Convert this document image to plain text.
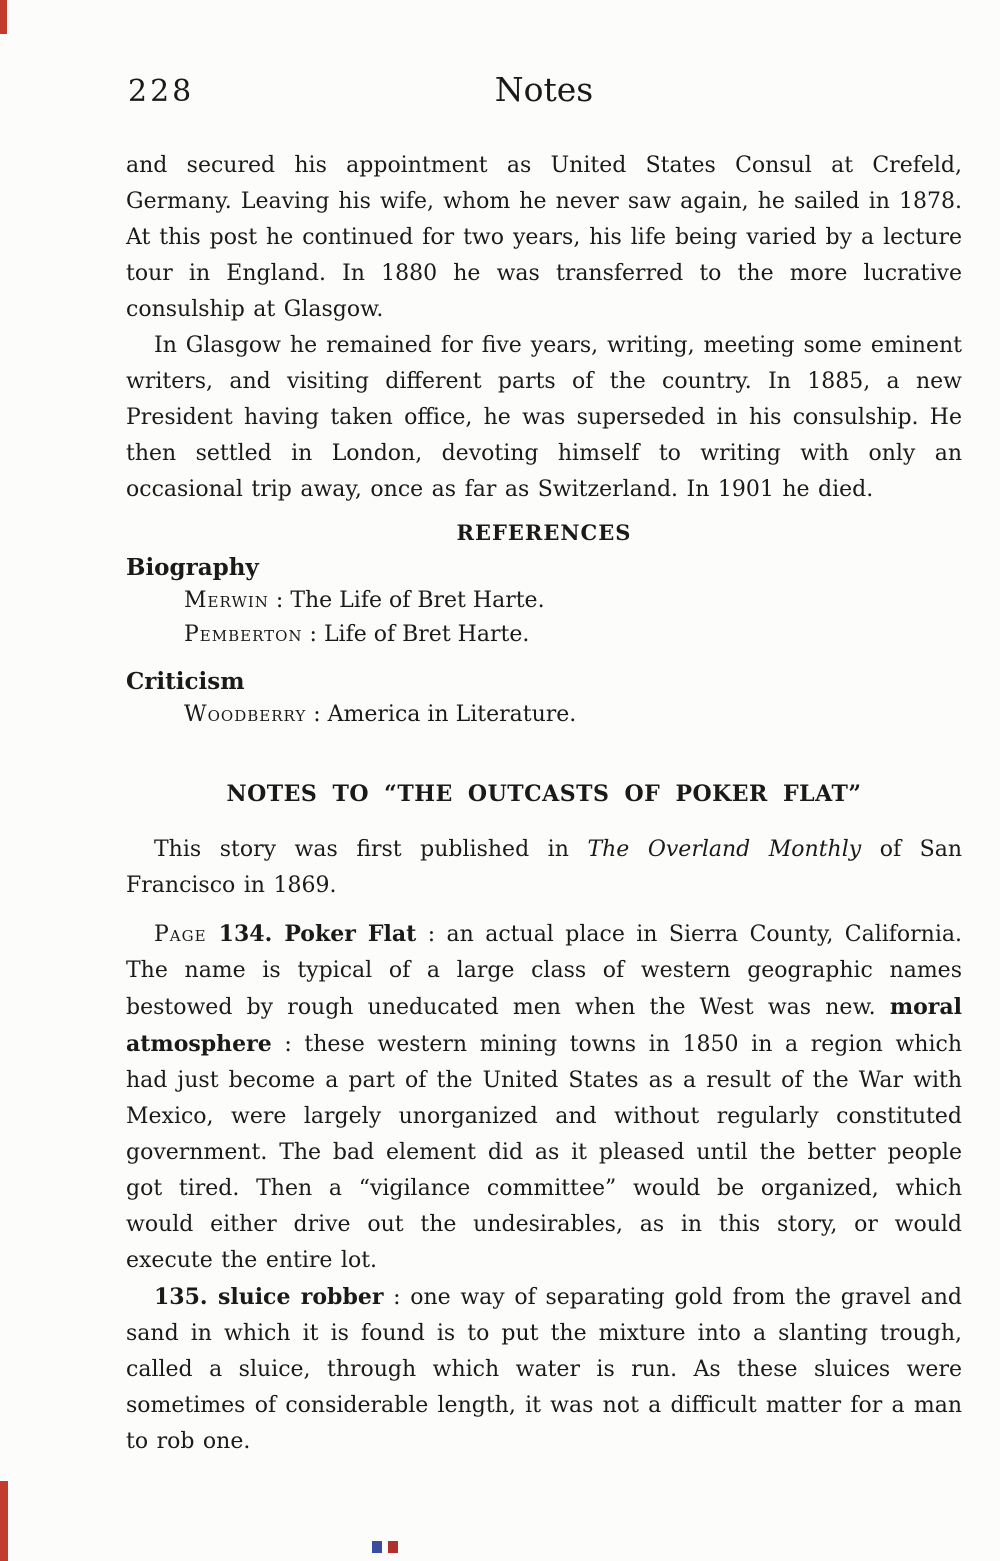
228	Notes

and secured his appointment as United States Consul at Crefeld, Germany. Leaving his wife, whom he never saw again, he sailed in 1878. At this post he continued for two years, his life being varied by a lecture tour in England. In 1880 he was transferred to the more lucrative consulship at Glasgow.

In Glasgow he remained for five years, writing, meeting some eminent writers, and visiting different parts of the country. In 1885, a new President having taken office, he was superseded in his consulship. He then settled in London, devoting himself to writing with only an occasional trip away, once as far as Switzerland. In 1901 he died.

REFERENCES
Biography

Merwin : The Life of Bret Harte.

Pemberton : Life of Bret Harte.

Criticism

Woodberry : America in Literature.

NOTES TO “THE OUTCASTS OF POKER FLAT”

This story was first published in The Overland Monthly of San Francisco in 1869.

Page 134. Poker Flat : an actual place in Sierra County, California. The name is typical of a large class of western geographic names bestowed by rough uneducated men when the West was new. moral atmosphere : these western mining towns in 1850 in a region which had just become a part of the United States as a result of the War with Mexico, were largely unorganized and without regularly constituted government. The bad element did as it pleased until the better people got tired. Then a “vigilance committee” would be organized, which would either drive out the undesirables, as in this story, or would execute the entire lot.

135. sluice robber : one way of separating gold from the gravel and sand in which it is found is to put the mixture into a slanting trough, called a sluice, through which water is run. As these sluices were sometimes of considerable length, it was not a difficult matter for a man to rob one.
